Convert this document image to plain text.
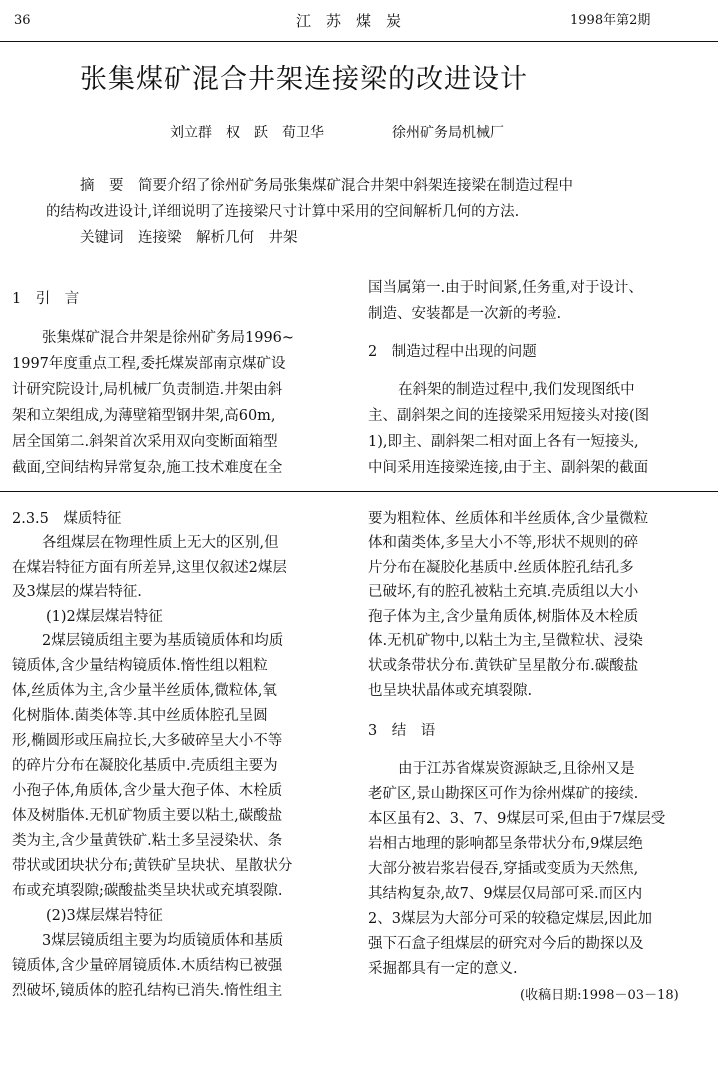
36	江　苏　煤　炭	1998年第2期
张集煤矿混合井架连接梁的改进设计
刘立群　权　跃　荀卫华	徐州矿务局机械厂
摘　要　简要介绍了徐州矿务局张集煤矿混合井架中斜架连接梁在制造过程中
的结构改进设计,详细说明了连接梁尺寸计算中采用的空间解析几何的方法.
关键词　连接梁　解析几何　井架
1　引　言
张集煤矿混合井架是徐州矿务局1996~
1997年度重点工程,委托煤炭部南京煤矿设
计研究院设计,局机械厂负责制造.井架由斜
架和立架组成,为薄壁箱型钢井架,高60m,
居全国第二.斜架首次采用双向变断面箱型
截面,空间结构异常复杂,施工技术难度在全
国当属第一.由于时间紧,任务重,对于设计、
制造、安装都是一次新的考验.
2　制造过程中出现的问题
在斜架的制造过程中,我们发现图纸中
主、副斜架之间的连接梁采用短接头对接(图
1),即主、副斜架二相对面上各有一短接头,
中间采用连接梁连接,由于主、副斜架的截面
2.3.5　煤质特征
各组煤层在物理性质上无大的区别,但
在煤岩特征方面有所差异,这里仅叙述2煤层
及3煤层的煤岩特征.
(1)2煤层煤岩特征
2煤层镜质组主要为基质镜质体和均质
镜质体,含少量结构镜质体.惰性组以粗粒
体,丝质体为主,含少量半丝质体,微粒体,氧
化树脂体.菌类体等.其中丝质体腔孔呈圆
形,椭圆形或压扁拉长,大多破碎呈大小不等
的碎片分布在凝胶化基质中.壳质组主要为
小孢子体,角质体,含少量大孢子体、木栓质
体及树脂体.无机矿物质主要以粘土,碳酸盐
类为主,含少量黄铁矿.粘土多呈浸染状、条
带状或团块状分布;黄铁矿呈块状、星散状分
布或充填裂隙;碳酸盐类呈块状或充填裂隙.
(2)3煤层煤岩特征
3煤层镜质组主要为均质镜质体和基质
镜质体,含少量碎屑镜质体.木质结构已被强
烈破坏,镜质体的腔孔结构已消失.惰性组主
要为粗粒体、丝质体和半丝质体,含少量微粒
体和菌类体,多呈大小不等,形状不规则的碎
片分布在凝胶化基质中.丝质体腔孔结孔多
已破坏,有的腔孔被粘土充填.壳质组以大小
孢子体为主,含少量角质体,树脂体及木栓质
体.无机矿物中,以粘土为主,呈微粒状、浸染
状或条带状分布.黄铁矿呈星散分布.碳酸盐
也呈块状晶体或充填裂隙.
3　结　语
由于江苏省煤炭资源缺乏,且徐州又是
老矿区,景山勘探区可作为徐州煤矿的接续.
本区虽有2、3、7、9煤层可采,但由于7煤层受
岩相古地理的影响都呈条带状分布,9煤层绝
大部分被岩浆岩侵吞,穿插或变质为天然焦,
其结构复杂,故7、9煤层仅局部可采.而区内
2、3煤层为大部分可采的较稳定煤层,因此加
强下石盒子组煤层的研究对今后的勘探以及
采掘都具有一定的意义.
(收稿日期:1998－03－18)
